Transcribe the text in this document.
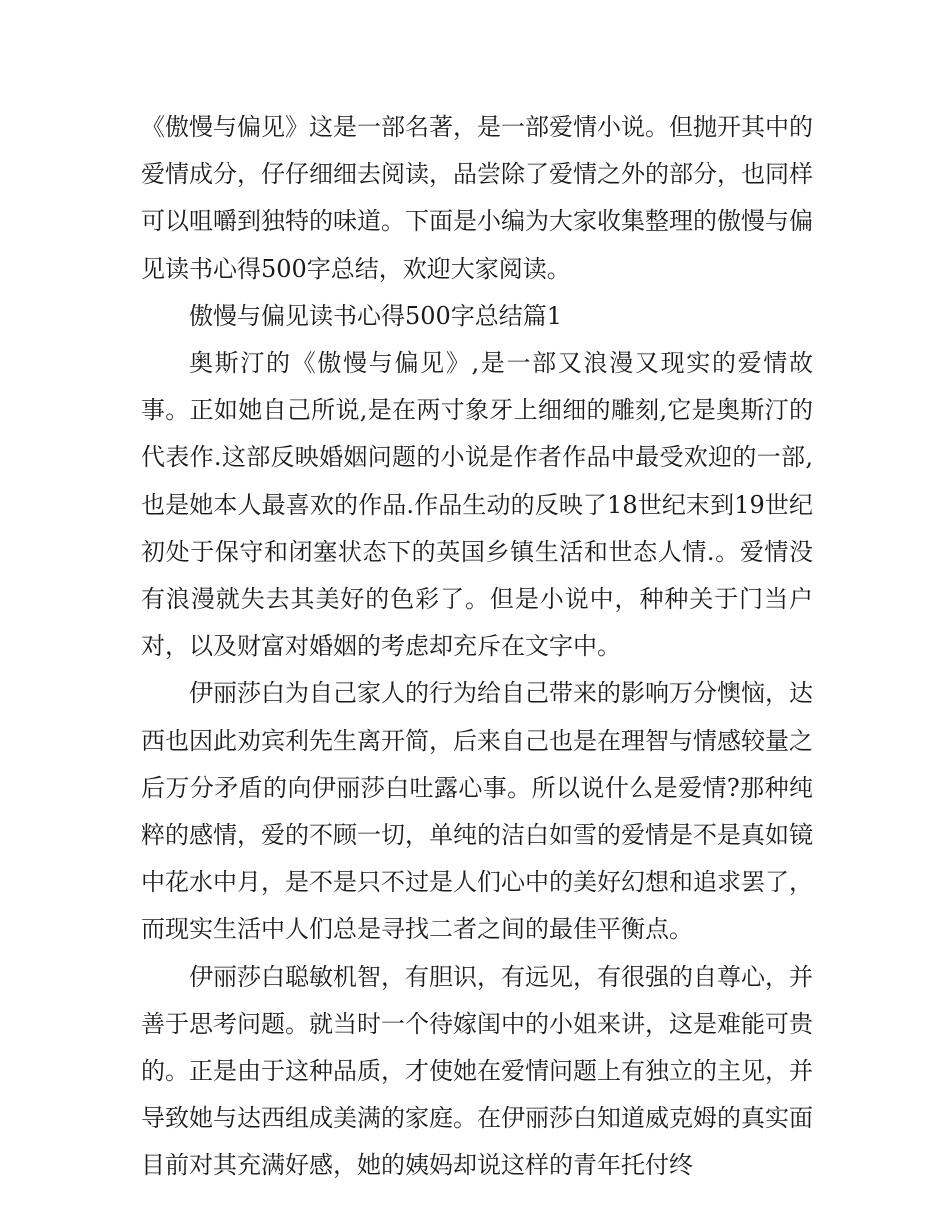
《傲慢与偏见》这是一部名著，是一部爱情小说。但抛开其中的爱情成分，仔仔细细去阅读，品尝除了爱情之外的部分，也同样可以咀嚼到独特的味道。下面是小编为大家收集整理的傲慢与偏见读书心得500字总结，欢迎大家阅读。

傲慢与偏见读书心得500字总结篇1

奥斯汀的《傲慢与偏见》,是一部又浪漫又现实的爱情故事。正如她自己所说,是在两寸象牙上细细的雕刻,它是奥斯汀的代表作.这部反映婚姻问题的小说是作者作品中最受欢迎的一部,也是她本人最喜欢的作品.作品生动的反映了18世纪末到19世纪初处于保守和闭塞状态下的英国乡镇生活和世态人情.。爱情没有浪漫就失去其美好的色彩了。但是小说中，种种关于门当户对，以及财富对婚姻的考虑却充斥在文字中。

伊丽莎白为自己家人的行为给自己带来的影响万分懊恼，达西也因此劝宾利先生离开简，后来自己也是在理智与情感较量之后万分矛盾的向伊丽莎白吐露心事。所以说什么是爱情?那种纯粹的感情，爱的不顾一切，单纯的洁白如雪的爱情是不是真如镜中花水中月，是不是只不过是人们心中的美好幻想和追求罢了，而现实生活中人们总是寻找二者之间的最佳平衡点。

伊丽莎白聪敏机智，有胆识，有远见，有很强的自尊心，并善于思考问题。就当时一个待嫁闺中的小姐来讲，这是难能可贵的。正是由于这种品质，才使她在爱情问题上有独立的主见，并导致她与达西组成美满的家庭。在伊丽莎白知道威克姆的真实面目前对其充满好感，她的姨妈却说这样的青年托付终
